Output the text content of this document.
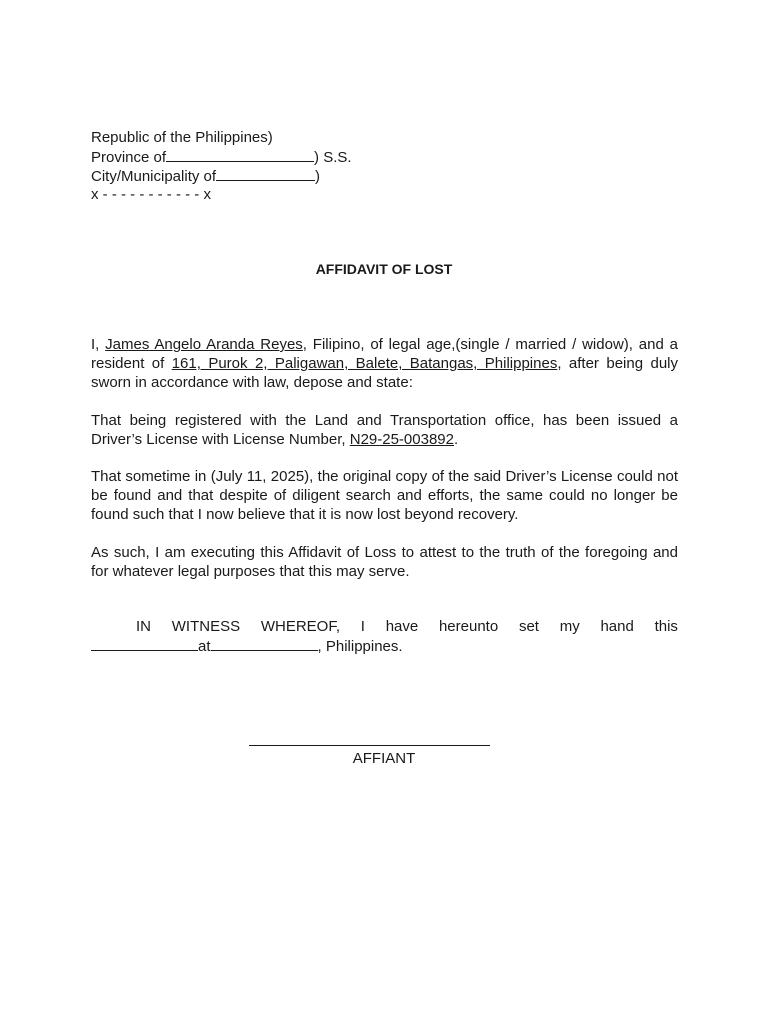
Republic of the Philippines)
Province of	) S.S.
City/Municipality of	)
x - - - - - - - - - - - x
AFFIDAVIT OF LOST
I, James Angelo Aranda Reyes, Filipino, of legal age,(single / married / widow), and a resident of 161, Purok 2, Paligawan, Balete, Batangas, Philippines, after being duly sworn in accordance with law, depose and state:
That being registered with the Land and Transportation office, has been issued a Driver’s License with License Number, N29-25-003892.
That sometime in (July 11, 2025), the original copy of the said Driver’s License could not be found and that despite of diligent search and efforts, the same could no longer be found such that I now believe that it is now lost beyond recovery.
As such, I am executing this Affidavit of Loss to attest to the truth of the foregoing and for whatever legal purposes that this may serve.
IN WITNESS WHEREOF, I have hereunto set my hand this
at	, Philippines.
AFFIANT
